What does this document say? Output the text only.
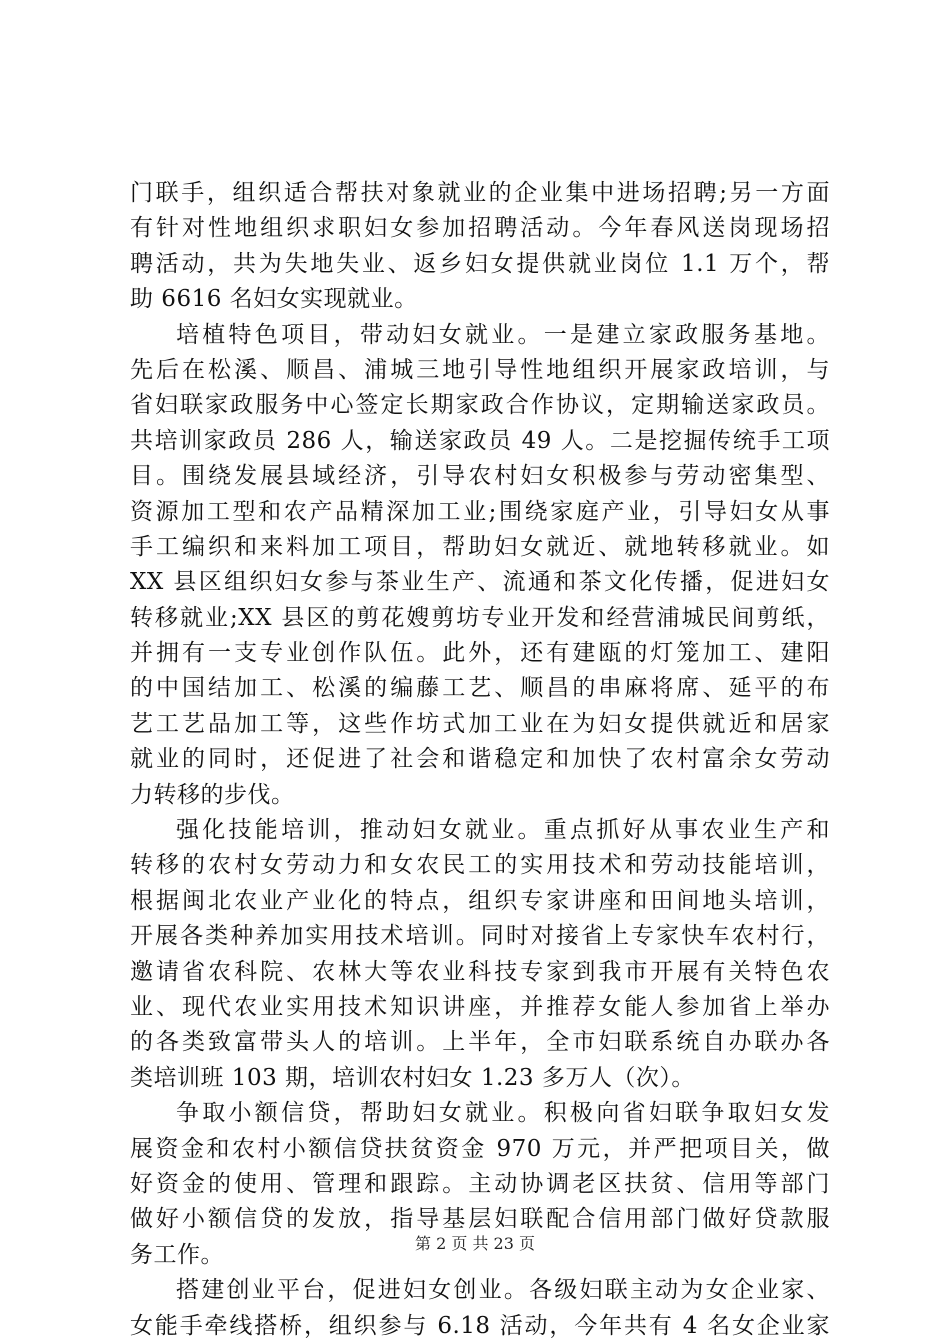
门联手，组织适合帮扶对象就业的企业集中进场招聘;另一方面
有针对性地组织求职妇女参加招聘活动。今年春风送岗现场招
聘活动，共为失地失业、返乡妇女提供就业岗位 1.1 万个，帮
助 6616 名妇女实现就业。
培植特色项目，带动妇女就业。一是建立家政服务基地。
先后在松溪、顺昌、浦城三地引导性地组织开展家政培训，与
省妇联家政服务中心签定长期家政合作协议，定期输送家政员。
共培训家政员 286 人，输送家政员 49 人。二是挖掘传统手工项
目。围绕发展县域经济，引导农村妇女积极参与劳动密集型、
资源加工型和农产品精深加工业;围绕家庭产业，引导妇女从事
手工编织和来料加工项目，帮助妇女就近、就地转移就业。如
XX 县区组织妇女参与茶业生产、流通和茶文化传播，促进妇女
转移就业;XX 县区的剪花嫂剪坊专业开发和经营浦城民间剪纸，
并拥有一支专业创作队伍。此外，还有建瓯的灯笼加工、建阳
的中国结加工、松溪的编藤工艺、顺昌的串麻将席、延平的布
艺工艺品加工等，这些作坊式加工业在为妇女提供就近和居家
就业的同时，还促进了社会和谐稳定和加快了农村富余女劳动
力转移的步伐。
强化技能培训，推动妇女就业。重点抓好从事农业生产和
转移的农村女劳动力和女农民工的实用技术和劳动技能培训，
根据闽北农业产业化的特点，组织专家讲座和田间地头培训，
开展各类种养加实用技术培训。同时对接省上专家快车农村行，
邀请省农科院、农林大等农业科技专家到我市开展有关特色农
业、现代农业实用技术知识讲座，并推荐女能人参加省上举办
的各类致富带头人的培训。上半年，全市妇联系统自办联办各
类培训班 103 期，培训农村妇女 1.23 多万人（次）。
争取小额信贷，帮助妇女就业。积极向省妇联争取妇女发
展资金和农村小额信贷扶贫资金 970 万元，并严把项目关，做
好资金的使用、管理和跟踪。主动协调老区扶贫、信用等部门
做好小额信贷的发放，指导基层妇联配合信用部门做好贷款服
务工作。
搭建创业平台，促进妇女创业。各级妇联主动为女企业家、
女能手牵线搭桥，组织参与 6.18 活动，今年共有 4 名女企业家
第 2 页 共 23 页
